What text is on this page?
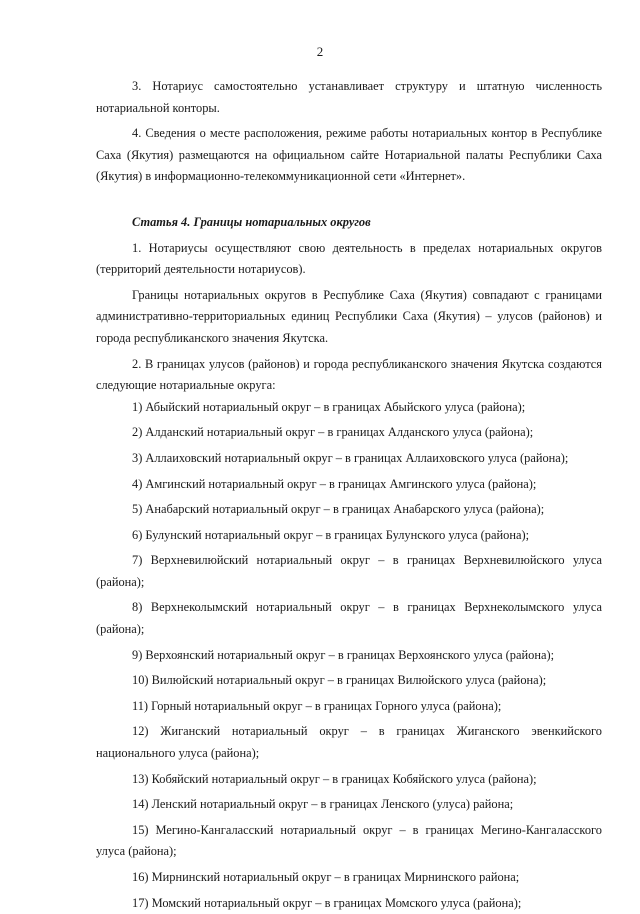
2

3. Нотариус самостоятельно устанавливает структуру и штатную численность нотариальной конторы.

4. Сведения о месте расположения, режиме работы нотариальных контор в Республике Саха (Якутия) размещаются на официальном сайте Нотариальной палаты Республики Саха (Якутия) в информационно-телекоммуникационной сети «Интернет».

Статья 4. Границы нотариальных округов

1. Нотариусы осуществляют свою деятельность в пределах нотариальных округов (территорий деятельности нотариусов).

Границы нотариальных округов в Республике Саха (Якутия) совпадают с границами административно-территориальных единиц Республики Саха (Якутия) – улусов (районов) и города республиканского значения Якутска.

2. В границах улусов (районов) и города республиканского значения Якутска создаются следующие нотариальные округа:

1) Абыйский нотариальный округ – в границах Абыйского улуса (района);

2) Алданский нотариальный округ – в границах Алданского улуса (района);

3) Аллаиховский нотариальный округ – в границах Аллаиховского улуса (района);

4) Амгинский нотариальный округ – в границах Амгинского улуса (района);

5) Анабарский нотариальный округ – в границах Анабарского улуса (района);

6) Булунский нотариальный округ – в границах Булунского улуса (района);

7) Верхневилюйский нотариальный округ – в границах Верхневилюйского улуса (района);

8) Верхнеколымский нотариальный округ – в границах Верхнеколымского улуса (района);

9) Верхоянский нотариальный округ – в границах Верхоянского улуса (района);

10) Вилюйский нотариальный округ – в границах Вилюйского улуса (района);

11) Горный нотариальный округ – в границах Горного улуса (района);

12) Жиганский нотариальный округ – в границах Жиганского эвенкийского национального улуса (района);

13) Кобяйский нотариальный округ – в границах Кобяйского улуса (района);

14) Ленский нотариальный округ – в границах Ленского (улуса) района;

15) Мегино-Кангаласский нотариальный округ – в границах Мегино-Кангаласского улуса (района);

16) Мирнинский нотариальный округ – в границах Мирнинского района;

17) Момский нотариальный округ – в границах Момского улуса (района);
